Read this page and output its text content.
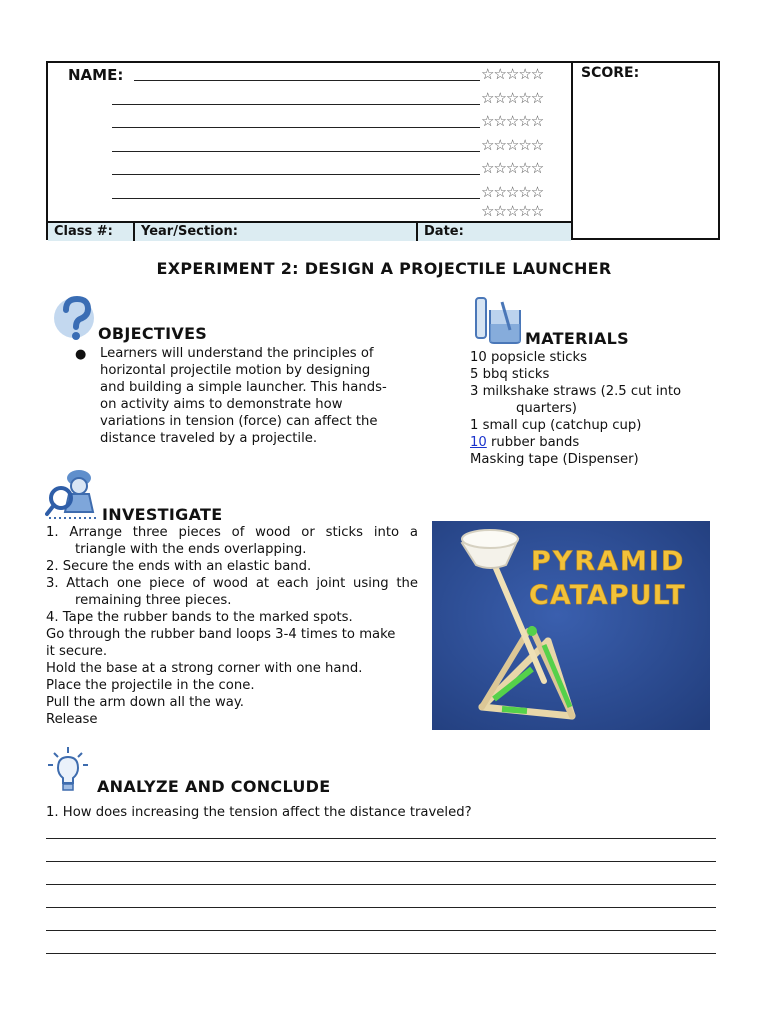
NAME:	☆☆☆☆☆
☆☆☆☆☆
☆☆☆☆☆
☆☆☆☆☆
☆☆☆☆☆
☆☆☆☆☆
☆☆☆☆☆
SCORE:
Class #:	Year/Section:	Date:
EXPERIMENT 2: DESIGN A PROJECTILE LAUNCHER
OBJECTIVES
● Learners will understand the principles of
horizontal projectile motion by designing
and building a simple launcher. This hands-
on activity aims to demonstrate how
variations in tension (force) can affect the
distance traveled by a projectile.
MATERIALS
10 popsicle sticks
5 bbq sticks
3 milkshake straws (2.5 cut into
quarters)
1 small cup (catchup cup)
10 rubber bands
Masking tape (Dispenser)
INVESTIGATE
1. Arrange three pieces of wood or sticks into a
triangle with the ends overlapping.
2. Secure the ends with an elastic band.
3. Attach one piece of wood at each joint using the
remaining three pieces.
4. Tape the rubber bands to the marked spots.
Go through the rubber band loops 3-4 times to make
it secure.
Hold the base at a strong corner with one hand.
Place the projectile in the cone.
Pull the arm down all the way.
Release
PYRAMID
CATAPULT
ANALYZE AND CONCLUDE
1. How does increasing the tension affect the distance traveled?
